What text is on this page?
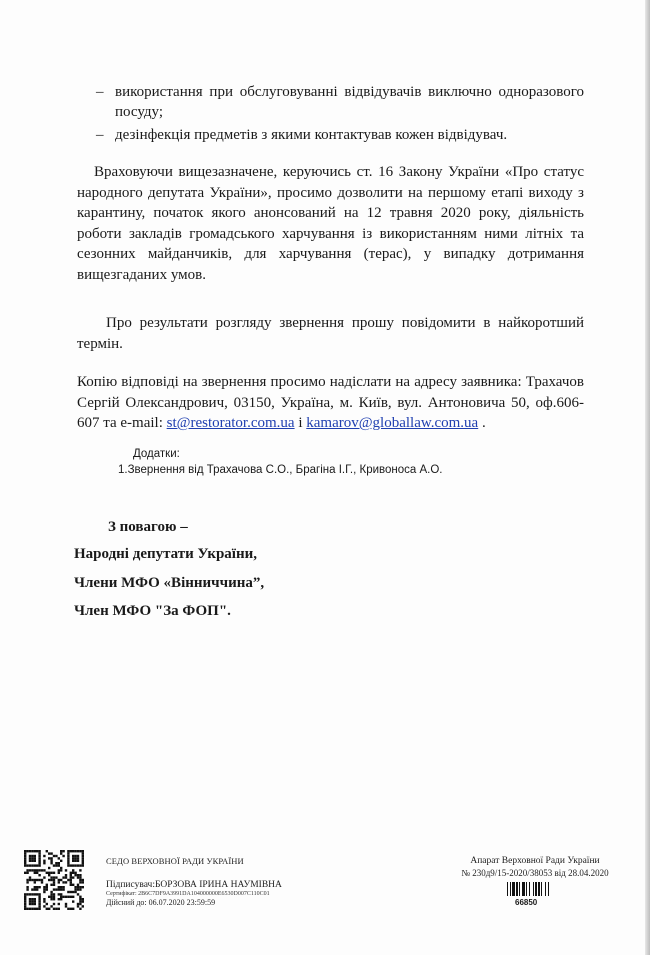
– використання при обслуговуванні відвідувачів виключно одноразового посуду;
– дезінфекція предметів з якими контактував кожен відвідувач.
Враховуючи вищезазначене, керуючись ст. 16 Закону України «Про статус народного депутата України», просимо дозволити на першому етапі виходу з карантину, початок якого анонсований на 12 травня 2020 року, діяльність роботи закладів громадського харчування із використанням ними літніх та сезонних майданчиків, для харчування (терас), у випадку дотримання вищезгаданих умов.
Про результати розгляду звернення прошу повідомити в найкоротший термін.
Копію відповіді на звернення просимо надіслати на адресу заявника: Трахачов Сергій Олександрович, 03150, Україна, м. Київ, вул. Антоновича 50, оф.606-607 та e-mail: st@restorator.com.ua і kamarov@globallaw.com.ua .
Додатки:
1.Звернення від Трахачова С.О., Брагіна І.Г., Кривоноса А.О.
З повагою –
Народні депутати України,
Члени МФО «Вінниччина”,
Член МФО "За ФОП".
СЕДО ВЕРХОВНОЇ РАДИ УКРАЇНИ
Підписувач:БОРЗОВА ІРИНА НАУМІВНА
Сертифікат: 2B6C7DF9A3991DA104000000E6530D007C110C01
Дійсний до: 06.07.2020 23:59:59
Апарат Верховної Ради України
№ 230д9/15-2020/38053 від 28.04.2020
66850
